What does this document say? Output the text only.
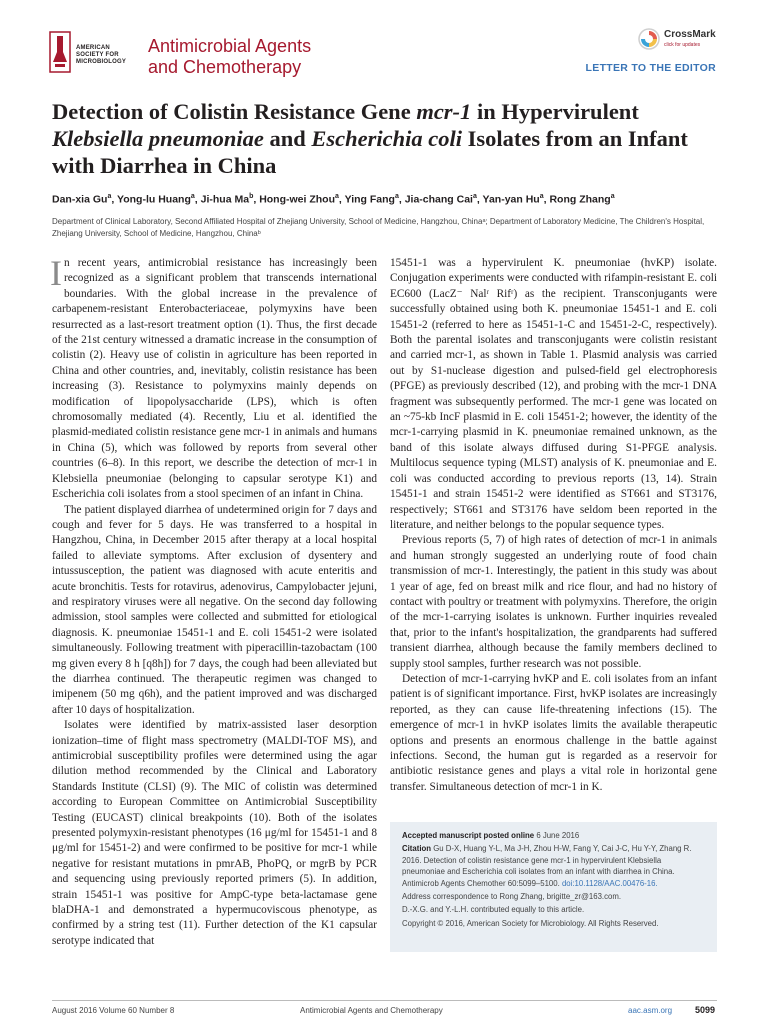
AMERICAN
SOCIETY FOR
MICROBIOLOGY
Antimicrobial Agents
and Chemotherapy
CrossMark
click for updates
LETTER TO THE EDITOR
Detection of Colistin Resistance Gene mcr-1 in Hypervirulent
Klebsiella pneumoniae and Escherichia coli Isolates from an Infant
with Diarrhea in China
Dan-xia Gu$^a$, Yong-lu Huang$^a$, Ji-hua Ma$^b$, Hong-wei Zhou$^a$, Ying Fang$^a$, Jia-chang Cai$^a$, Yan-yan Hu$^a$, Rong Zhang$^a$
Department of Clinical Laboratory, Second Affiliated Hospital of Zhejiang University, School of Medicine, Hangzhou, Chinaᵃ; Department of Laboratory Medicine, The Children's Hospital, Zhejiang University, School of Medicine, Hangzhou, Chinaᵇ

In recent years, antimicrobial resistance has increasingly been recognized as a significant problem that transcends international boundaries. With the global increase in the prevalence of carbapenem-resistant Enterobacteriaceae, polymyxins have been resurrected as a last-resort treatment option (1). Thus, the first decade of the 21st century witnessed a dramatic increase in the consumption of colistin (2). Heavy use of colistin in agriculture has been reported in China and other countries, and, inevitably, colistin resistance has been increasing (3). Resistance to polymyxins mainly depends on modification of lipopolysaccharide (LPS), which is often chromosomally mediated (4). Recently, Liu et al. identified the plasmid-mediated colistin resistance gene mcr-1 in animals and humans in China (5), which was followed by reports from several other countries (6–8). In this report, we describe the detection of mcr-1 in Klebsiella pneumoniae (belonging to capsular serotype K1) and Escherichia coli isolates from a stool specimen of an infant in China.

The patient displayed diarrhea of undetermined origin for 7 days and cough and fever for 5 days. He was transferred to a hospital in Hangzhou, China, in December 2015 after therapy at a local hospital failed to alleviate symptoms. After exclusion of dysentery and intussusception, the patient was diagnosed with acute enteritis and acute bronchitis. Tests for rotavirus, adenovirus, Campylobacter jejuni, and respiratory viruses were all negative. On the second day following admission, stool samples were collected and submitted for etiological diagnosis. K. pneumoniae 15451-1 and E. coli 15451-2 were isolated simultaneously. Following treatment with piperacillin-tazobactam (100 mg given every 8 h [q8h]) for 7 days, the cough had been alleviated but the diarrhea continued. The therapeutic regimen was changed to imipenem (50 mg q6h), and the patient improved and was discharged after 10 days of hospitalization.

Isolates were identified by matrix-assisted laser desorption ionization–time of flight mass spectrometry (MALDI-TOF MS), and antimicrobial susceptibility profiles were determined using the agar dilution method recommended by the Clinical and Laboratory Standards Institute (CLSI) (9). The MIC of colistin was determined according to European Committee on Antimicrobial Susceptibility Testing (EUCAST) clinical breakpoints (10). Both of the isolates presented polymyxin-resistant phenotypes (16 μg/ml for 15451-1 and 8 μg/ml for 15451-2) and were confirmed to be positive for mcr-1 while negative for resistant mutations in pmrAB, PhoPQ, or mgrB by PCR and sequencing using previously reported primers (5). In addition, strain 15451-1 was positive for AmpC-type beta-lactamase gene blaDHA-1 and demonstrated a hypermucoviscous phenotype, as confirmed by a string test (11). Further detection of the K1 capsular serotype indicated that

15451-1 was a hypervirulent K. pneumoniae (hvKP) isolate. Conjugation experiments were conducted with rifampin-resistant E. coli EC600 (LacZ⁻ Nalʳ Rifʳ) as the recipient. Transconjugants were successfully obtained using both K. pneumoniae 15451-1 and E. coli 15451-2 (referred to here as 15451-1-C and 15451-2-C, respectively). Both the parental isolates and transconjugants were colistin resistant and carried mcr-1, as shown in Table 1. Plasmid analysis was carried out by S1-nuclease digestion and pulsed-field gel electrophoresis (PFGE) as previously described (12), and probing with the mcr-1 DNA fragment was subsequently performed. The mcr-1 gene was located on an ~75-kb IncF plasmid in E. coli 15451-2; however, the identity of the mcr-1-carrying plasmid in K. pneumoniae remained unknown, as the band of this isolate always diffused during S1-PFGE analysis. Multilocus sequence typing (MLST) analysis of K. pneumoniae and E. coli was conducted according to previous reports (13, 14). Strain 15451-1 and strain 15451-2 were identified as ST661 and ST3176, respectively; ST661 and ST3176 have seldom been reported in the literature, and neither belongs to the popular sequence types.

Previous reports (5, 7) of high rates of detection of mcr-1 in animals and human strongly suggested an underlying route of food chain transmission of mcr-1. Interestingly, the patient in this study was about 1 year of age, fed on breast milk and rice flour, and had no history of contact with poultry or treatment with polymyxins. Therefore, the origin of the mcr-1-carrying isolates is unknown. Further inquiries revealed that, prior to the infant's hospitalization, the grandparents had suffered transient diarrhea, although because the family members declined to supply stool samples, further research was not possible.

Detection of mcr-1-carrying hvKP and E. coli isolates from an infant patient is of significant importance. First, hvKP isolates are increasingly reported, as they can cause life-threatening infections (15). The emergence of mcr-1 in hvKP isolates limits the available therapeutic options and presents an enormous challenge in the battle against infections. Second, the human gut is regarded as a reservoir for antibiotic resistance genes and plays a vital role in horizontal gene transfer. Simultaneous detection of mcr-1 in K.

Accepted manuscript posted online 6 June 2016

Citation Gu D-X, Huang Y-L, Ma J-H, Zhou H-W, Fang Y, Cai J-C, Hu Y-Y, Zhang R. 2016. Detection of colistin resistance gene mcr-1 in hypervirulent Klebsiella pneumoniae and Escherichia coli isolates from an infant with diarrhea in China. Antimicrob Agents Chemother 60:5099–5100. doi:10.1128/AAC.00476-16.

Address correspondence to Rong Zhang, brigitte_zr@163.com.

D.-X.G. and Y.-L.H. contributed equally to this article.

Copyright © 2016, American Society for Microbiology. All Rights Reserved.

August 2016 Volume 60 Number 8	Antimicrobial Agents and Chemotherapy	aac.asm.org	5099
